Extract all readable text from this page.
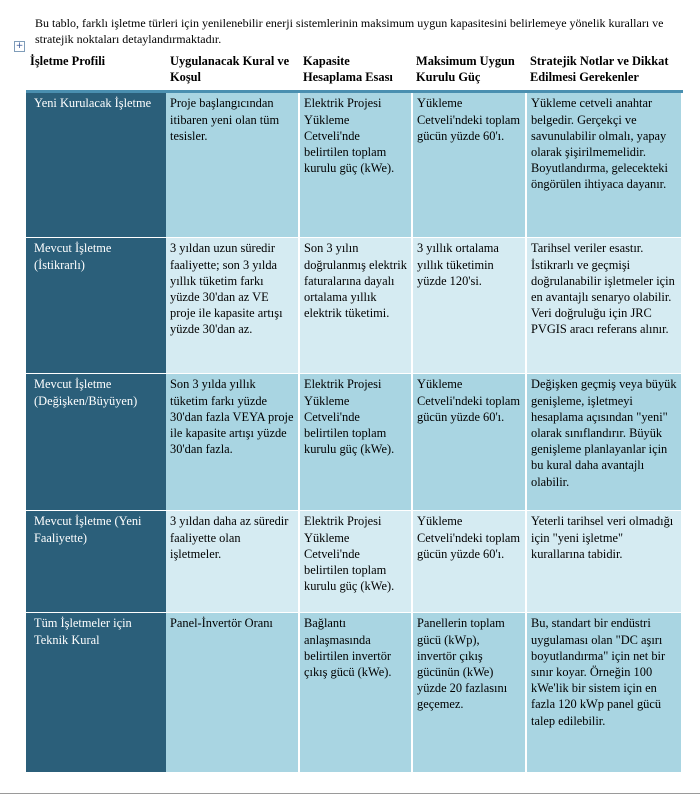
Bu tablo, farklı işletme türleri için yenilenebilir enerji sistemlerinin maksimum uygun kapasitesini belirlemeye yönelik kuralları ve stratejik noktaları detaylandırmaktadır.

+
İşletme Profili	Uygulanacak Kural ve Koşul	Kapasite Hesaplama Esası	Maksimum Uygun Kurulu Güç	Stratejik Notlar ve Dikkat Edilmesi Gerekenler
Yeni Kurulacak İşletme	Proje başlangıcından itibaren yeni olan tüm tesisler.	Elektrik Projesi Yükleme Cetveli'nde belirtilen toplam kurulu güç (kWe).	Yükleme Cetveli'ndeki toplam gücün yüzde 60'ı.	Yükleme cetveli anahtar belgedir. Gerçekçi ve savunulabilir olmalı, yapay olarak şişirilmemelidir. Boyutlandırma, gelecekteki öngörülen ihtiyaca dayanır.
Mevcut İşletme (İstikrarlı)	3 yıldan uzun süredir faaliyette; son 3 yılda yıllık tüketim farkı yüzde 30'dan az VE proje ile kapasite artışı yüzde 30'dan az.	Son 3 yılın doğrulanmış elektrik faturalarına dayalı ortalama yıllık elektrik tüketimi.	3 yıllık ortalama yıllık tüketimin yüzde 120'si.	Tarihsel veriler esastır. İstikrarlı ve geçmişi doğrulanabilir işletmeler için en avantajlı senaryo olabilir. Veri doğruluğu için JRC PVGIS aracı referans alınır.
Mevcut İşletme (Değişken/Büyüyen)	Son 3 yılda yıllık tüketim farkı yüzde 30'dan fazla VEYA proje ile kapasite artışı yüzde 30'dan fazla.	Elektrik Projesi Yükleme Cetveli'nde belirtilen toplam kurulu güç (kWe).	Yükleme Cetveli'ndeki toplam gücün yüzde 60'ı.	Değişken geçmiş veya büyük genişleme, işletmeyi hesaplama açısından "yeni" olarak sınıflandırır. Büyük genişleme planlayanlar için bu kural daha avantajlı olabilir.
Mevcut İşletme (Yeni Faaliyette)	3 yıldan daha az süredir faaliyette olan işletmeler.	Elektrik Projesi Yükleme Cetveli'nde belirtilen toplam kurulu güç (kWe).	Yükleme Cetveli'ndeki toplam gücün yüzde 60'ı.	Yeterli tarihsel veri olmadığı için "yeni işletme" kurallarına tabidir.
Tüm İşletmeler için Teknik Kural	Panel-İnvertör Oranı	Bağlantı anlaşmasında belirtilen invertör çıkış gücü (kWe).	Panellerin toplam gücü (kWp), invertör çıkış gücünün (kWe) yüzde 20 fazlasını geçemez.	Bu, standart bir endüstri uygulaması olan "DC aşırı boyutlandırma" için net bir sınır koyar. Örneğin 100 kWe'lik bir sistem için en fazla 120 kWp panel gücü talep edilebilir.
